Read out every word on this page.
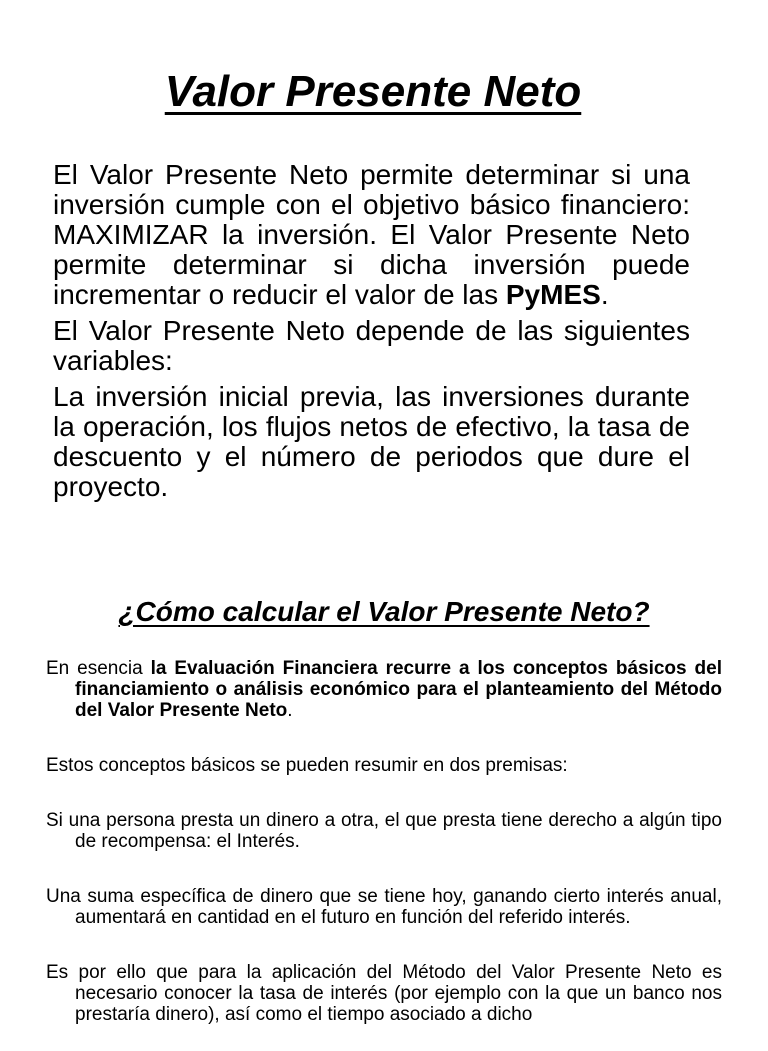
Valor Presente Neto

El Valor Presente Neto permite determinar si una inversión cumple con el objetivo básico financiero: MAXIMIZAR la inversión. El Valor Presente Neto permite determinar si dicha inversión puede incrementar o reducir el valor de las PyMES.

El Valor Presente Neto depende de las siguientes variables:

La inversión inicial previa, las inversiones durante la operación, los flujos netos de efectivo, la tasa de descuento y el número de periodos que dure el proyecto.

¿Cómo calcular el Valor Presente Neto?

En esencia la Evaluación Financiera recurre a los conceptos básicos del financiamiento o análisis económico para el planteamiento del Método del Valor Presente Neto.

Estos conceptos básicos se pueden resumir en dos premisas:

Si una persona presta un dinero a otra, el que presta tiene derecho a algún tipo de recompensa: el Interés.

Una suma específica de dinero que se tiene hoy, ganando cierto interés anual, aumentará en cantidad en el futuro en función del referido interés.

Es por ello que para la aplicación del Método del Valor Presente Neto es necesario conocer la tasa de interés (por ejemplo con la que un banco nos prestaría dinero), así como el tiempo asociado a dicho
